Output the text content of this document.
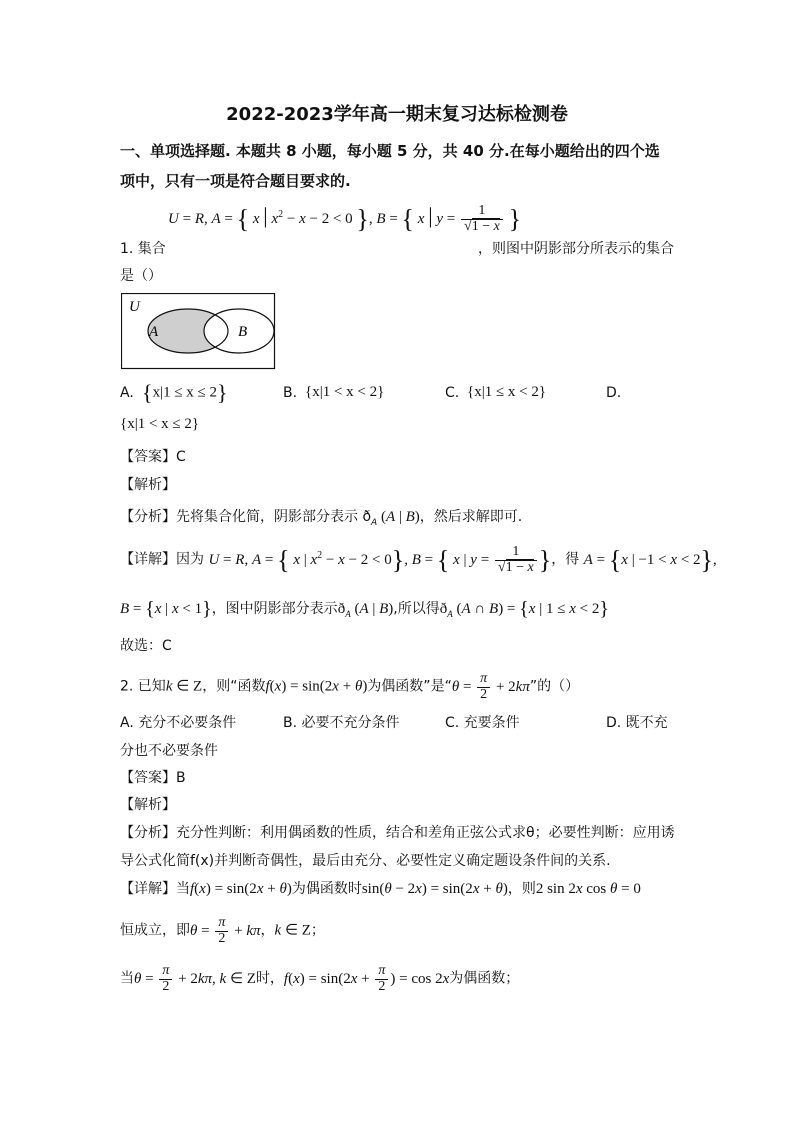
2022-2023学年高一期末复习达标检测卷
一、单项选择题. 本题共 8 小题，每小题 5 分，共 40 分.在每小题给出的四个选
项中，只有一项是符合题目要求的.
U = R, A = { x | $x^2 - x - 2 < 0$ }, B = { x | $y = \frac{1}{√1 - x}$ }
1. 集合	，则图中阴影部分所表示的集合
是（）
U
A	B
A. {x|1 ≤ x ≤ 2}	B. {x|1 < x < 2}	C. {x|1 ≤ x < 2}	D.
{x|1 < x ≤ 2}
【答案】C
【解析】
【分析】先将集合化简，阴影部分表示 $ð_A$ (A | B)，然后求解即可.
【详解】因为 U = R, A = { x | $x^2 - x - 2 < 0$}, B = { x | $y = \frac{1}{√1 - x}$ }，得 A = {x | −1 < x < 2},
B = {x | x < 1}，图中阴影部分表示$ð_A$ (A | B),所以得$ð_A$ (A ∩ B) = {x | 1 ≤ x < 2}
故选：C
2. 已知k ∈ Z，则“函数f(x) = sin(2x + θ)为偶函数”是“$\theta = \frac{\pi}{2} + 2k\pi$”的（）
A. 充分不必要条件	B. 必要不充分条件	C. 充要条件	D. 既不充
分也不必要条件
【答案】B
【解析】
【分析】充分性判断：利用偶函数的性质，结合和差角正弦公式求θ；必要性判断：应用诱
导公式化简f(x)并判断奇偶性，最后由充分、必要性定义确定题设条件间的关系.
【详解】当f(x) = sin(2x + θ)为偶函数时sin(θ − 2x) = sin(2x + θ)，则2 sin 2x cos θ = 0
恒成立，即$\theta = \frac{\pi}{2} + k\pi$，k ∈ Z；
当$\theta = \frac{\pi}{2} + 2k\pi$, k ∈ Z时，$f(x) = \sin(2x + \frac{\pi}{2}$ ) = cos 2x为偶函数；
